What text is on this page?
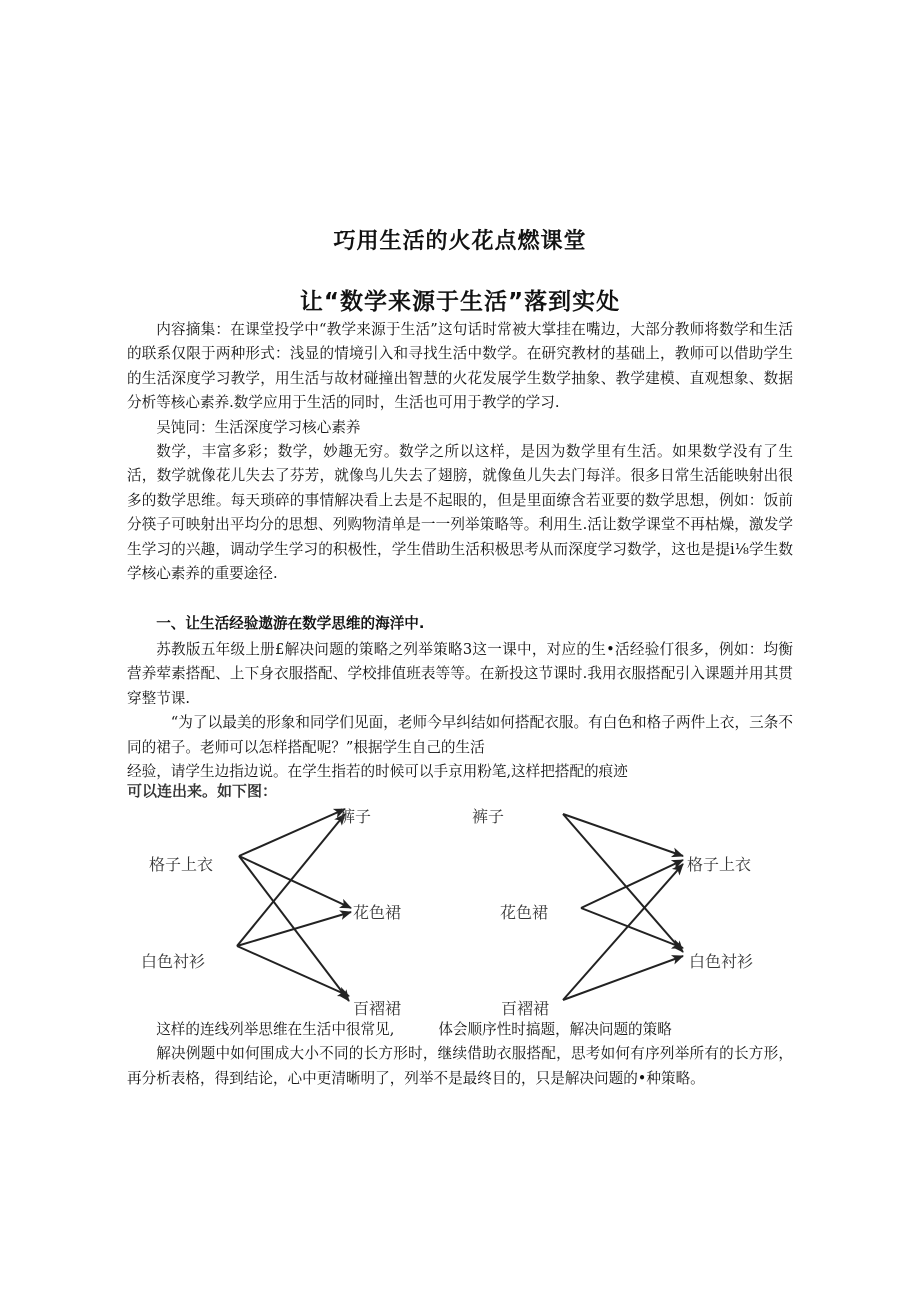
巧用生活的火花点燃课堂
让“数学来源于生活”落到实处

内容摘集：在课堂投学中“教学来源于生活”这句话时常被大掌挂在嘴边，大部分教师将数学和生活的联系仅限于两种形式：浅显的情境引入和寻找生活中数学。在研究教材的基础上，教师可以借助学生的生活深度学习教学，用生活与故材碰撞出智慧的火花发展学生数学抽象、教学建模、直观想象、数据分析等核心素养.数学应用于生活的同时，生活也可用于教学的学习.

吴饨同：生活深度学习核心素养

数学，丰富多彩；数学，妙趣无穷。数学之所以这样，是因为数学里有生活。如果数学没有了生活，数学就像花儿失去了芬芳，就像鸟儿失去了翅膀，就像鱼儿失去门每洋。很多日常生活能映射出很多的数学思维。每天琐碎的事情解决看上去是不起眼的，但是里面缭含若亚要的数学思想，例如：饭前分筷子可映射出平均分的思想、列购物清单是一一列举策略等。利用生.活让数学课堂不再枯燥，激发学生学习的兴趣，调动学生学习的积极性，学生借助生活积极思考从而深度学习数学，这也是提i⅛学生数学核心素养的重要途径.

一、让生活经验遨游在数学思维的海洋中.

苏教版五年级上册£解决问题的策略之列举策略3这一课中，对应的生•活经验仃很多，例如：均衡营养荤素搭配、上下身衣服搭配、学校排值班表等等。在新投这节课时.我用衣服搭配引入课题并用其贯穿整节课.

“为了以最美的形象和同学们见面，老师今早纠结如何搭配衣服。有白色和格子两件上衣，三条不同的裙子。老师可以怎样搭配呢？”根据学生自己的生活

经验，请学生边指边说。在学生指若的时候可以手京用粉笔,这样把搭配的痕迹

可以连出来。如下图：
裤子
格子上衣
花色裙
白色衬衫
百褶裙
裤子
格子上衣
花色裙
白色衬衫
百褶裙

这样的连线列举思维在生活中很常见,	体会顺序性时搞题，解决问题的策略

解决例题中如何围成大小不同的长方形时，继续借助衣服搭配，思考如何有序列举所有的长方形，再分析表格，得到结论，心中更清晰明了，列举不是最终目的，只是解决问题的•种策略。
